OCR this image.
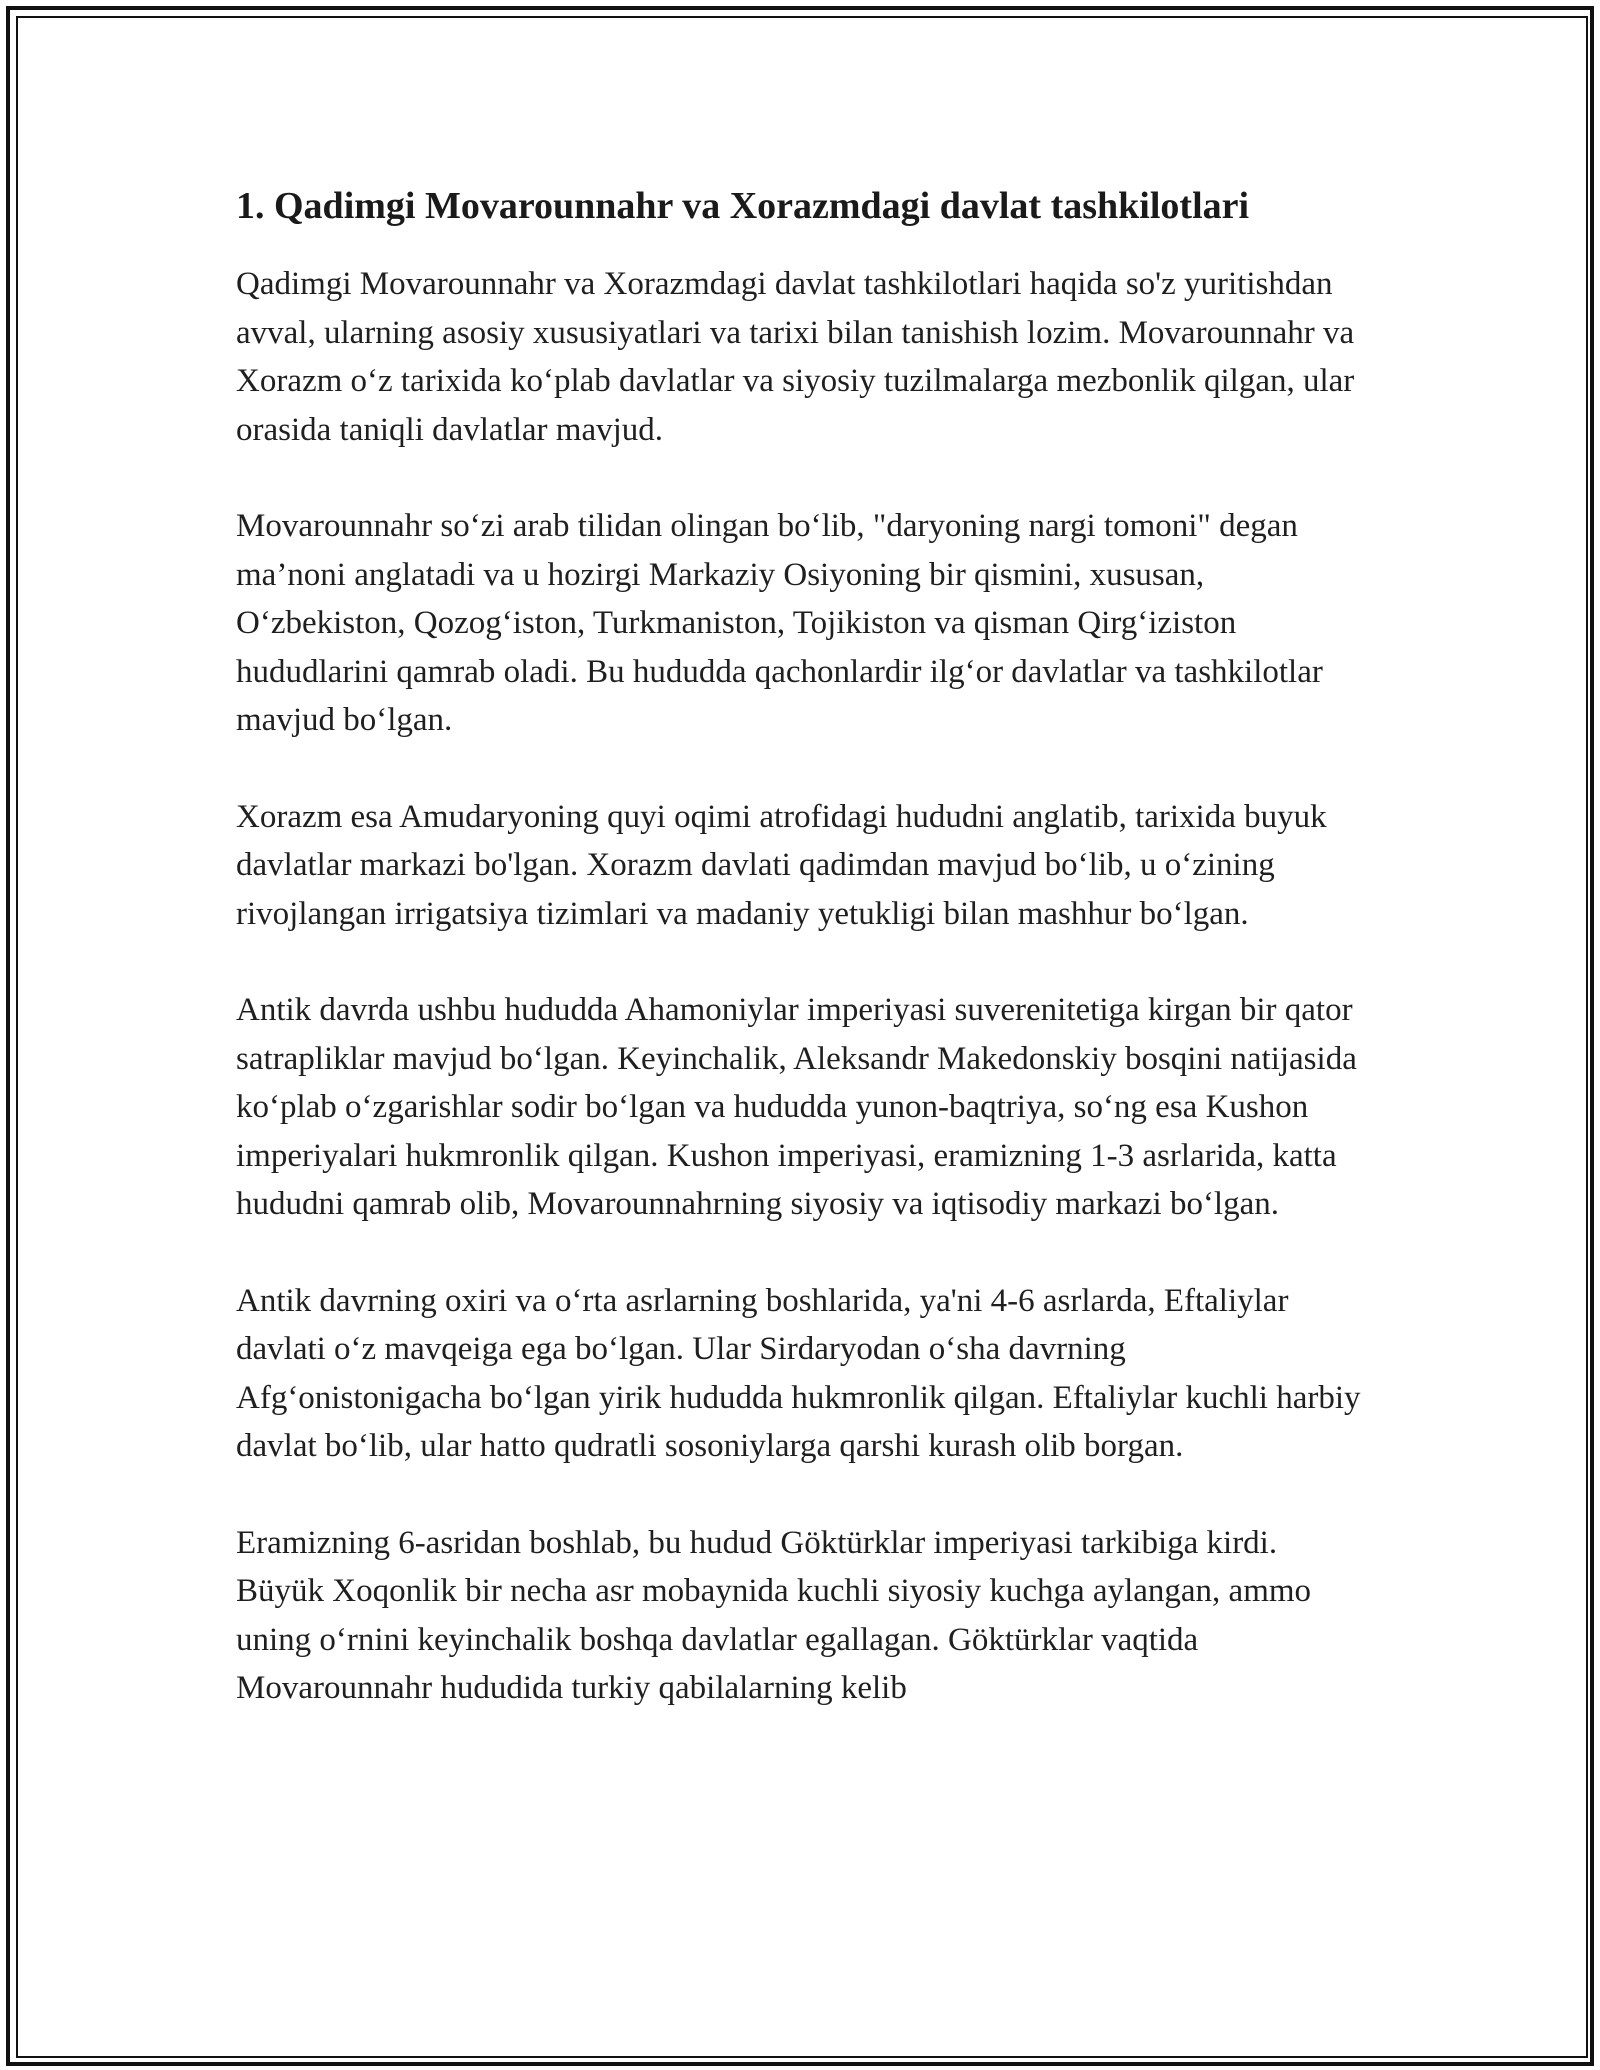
1. Qadimgi Movarounnahr va Xorazmdagi davlat tashkilotlari

Qadimgi Movarounnahr va Xorazmdagi davlat tashkilotlari haqida so'z yuritishdan avval, ularning asosiy xususiyatlari va tarixi bilan tanishish lozim. Movarounnahr va Xorazm o‘z tarixida ko‘plab davlatlar va siyosiy tuzilmalarga mezbonlik qilgan, ular orasida taniqli davlatlar mavjud.

Movarounnahr so‘zi arab tilidan olingan bo‘lib, "daryoning nargi tomoni" degan ma’noni anglatadi va u hozirgi Markaziy Osiyoning bir qismini, xususan, O‘zbekiston, Qozog‘iston, Turkmaniston, Tojikiston va qisman Qirg‘iziston hududlarini qamrab oladi. Bu hududda qachonlardir ilg‘or davlatlar va tashkilotlar mavjud bo‘lgan.

Xorazm esa Amudaryoning quyi oqimi atrofidagi hududni anglatib, tarixida buyuk davlatlar markazi bo'lgan. Xorazm davlati qadimdan mavjud bo‘lib, u o‘zining rivojlangan irrigatsiya tizimlari va madaniy yetukligi bilan mashhur bo‘lgan.

Antik davrda ushbu hududda Ahamoniylar imperiyasi suverenitetiga kirgan bir qator satrapliklar mavjud bo‘lgan. Keyinchalik, Aleksandr Makedonskiy bosqini natijasida ko‘plab o‘zgarishlar sodir bo‘lgan va hududda yunon-baqtriya, so‘ng esa Kushon imperiyalari hukmronlik qilgan. Kushon imperiyasi, eramizning 1-3 asrlarida, katta hududni qamrab olib, Movarounnahrning siyosiy va iqtisodiy markazi bo‘lgan.

Antik davrning oxiri va o‘rta asrlarning boshlarida, ya'ni 4-6 asrlarda, Eftaliylar davlati o‘z mavqeiga ega bo‘lgan. Ular Sirdaryodan o‘sha davrning Afg‘onistonigacha bo‘lgan yirik hududda hukmronlik qilgan. Eftaliylar kuchli harbiy davlat bo‘lib, ular hatto qudratli sosoniylarga qarshi kurash olib borgan.

Eramizning 6-asridan boshlab, bu hudud Göktürklar imperiyasi tarkibiga kirdi. Büyük Xoqonlik bir necha asr mobaynida kuchli siyosiy kuchga aylangan, ammo uning o‘rnini keyinchalik boshqa davlatlar egallagan. Göktürklar vaqtida Movarounnahr hududida turkiy qabilalarning kelib
